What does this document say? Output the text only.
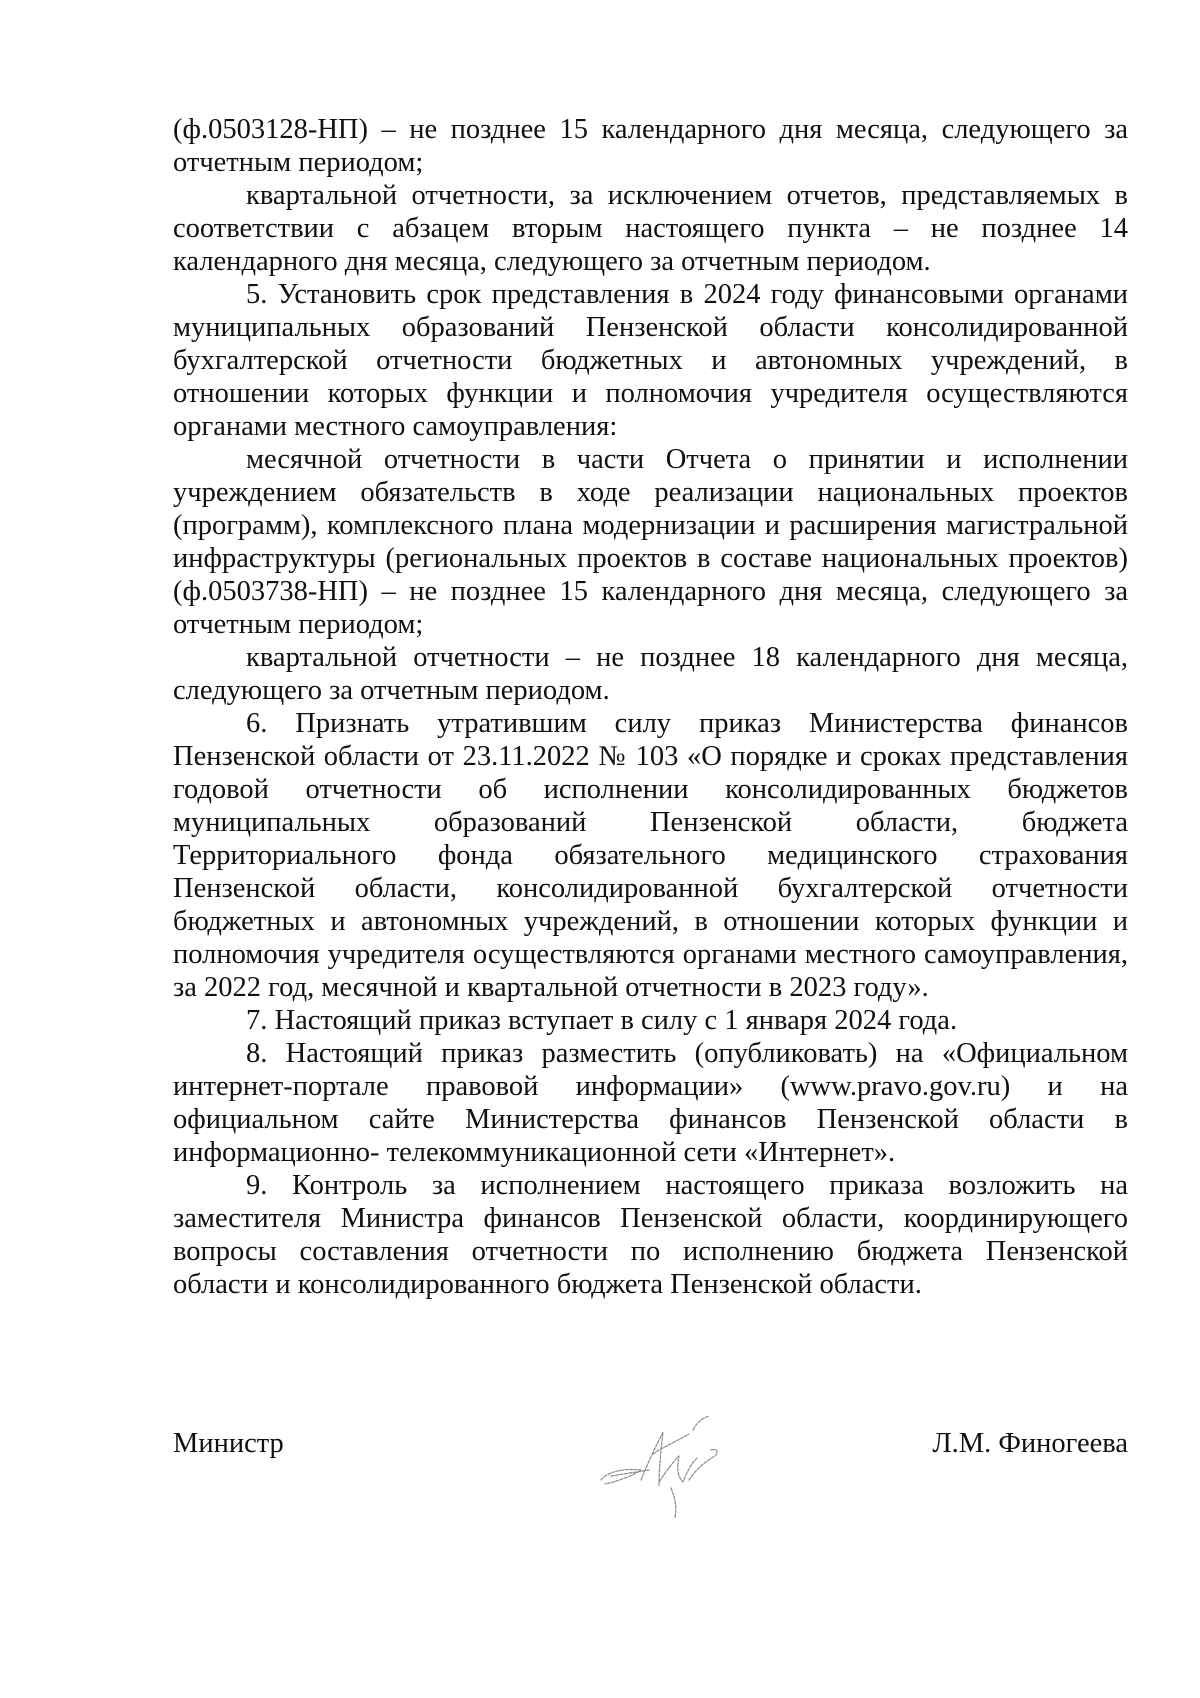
(ф.0503128-НП) – не позднее 15 календарного дня месяца, следующего за отчетным периодом;

квартальной отчетности, за исключением отчетов, представляемых в соответствии с абзацем вторым настоящего пункта – не позднее 14 календарного дня месяца, следующего за отчетным периодом.

5. Установить срок представления в 2024 году финансовыми органами муниципальных образований Пензенской области консолидированной бухгалтерской отчетности бюджетных и автономных учреждений, в отношении которых функции и полномочия учредителя осуществляются органами местного самоуправления:

месячной отчетности в части Отчета о принятии и исполнении учреждением обязательств в ходе реализации национальных проектов (программ), комплексного плана модернизации и расширения магистральной инфраструктуры (региональных проектов в составе национальных проектов) (ф.0503738-НП) – не позднее 15 календарного дня месяца, следующего за отчетным периодом;

квартальной отчетности – не позднее 18 календарного дня месяца, следующего за отчетным периодом.

6. Признать утратившим силу приказ Министерства финансов Пензенской области от 23.11.2022 № 103 «О порядке и сроках представления годовой отчетности об исполнении консолидированных бюджетов муниципальных образований Пензенской области, бюджета Территориального фонда обязательного медицинского страхования Пензенской области, консолидированной бухгалтерской отчетности бюджетных и автономных учреждений, в отношении которых функции и полномочия учредителя осуществляются органами местного самоуправления, за 2022 год, месячной и квартальной отчетности в 2023 году».

7. Настоящий приказ вступает в силу с 1 января 2024 года.

8. Настоящий приказ разместить (опубликовать) на «Официальном интернет-портале правовой информации» (www.pravo.gov.ru) и на официальном сайте Министерства финансов Пензенской области в информационно- телекоммуникационной сети «Интернет».

9. Контроль за исполнением настоящего приказа возложить на заместителя Министра финансов Пензенской области, координирующего вопросы составления отчетности по исполнению бюджета Пензенской области и консолидированного бюджета Пензенской области.

Министр	Л.М. Финогеева
